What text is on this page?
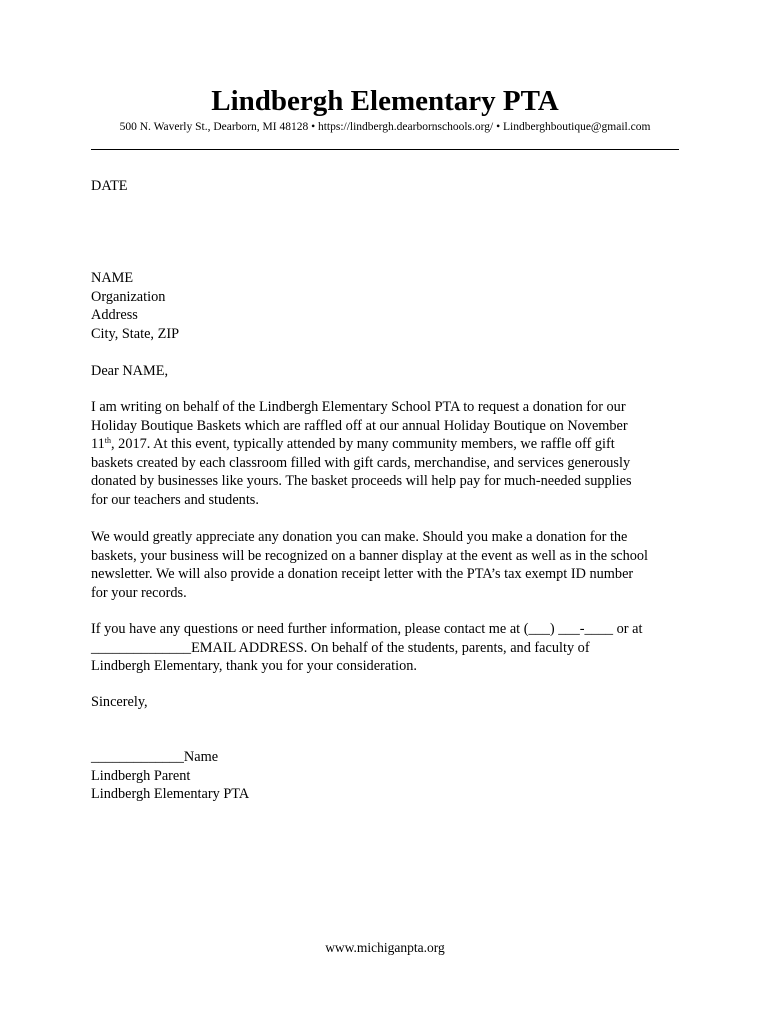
Lindbergh Elementary PTA
500 N. Waverly St., Dearborn, MI 48128 • https://lindbergh.dearbornschools.org/ • Lindberghboutique@gmail.com
DATE
NAME
Organization
Address
City, State, ZIP
Dear NAME,
I am writing on behalf of the Lindbergh Elementary School PTA to request a donation for our
Holiday Boutique Baskets which are raffled off at our annual Holiday Boutique on November
11th, 2017. At this event, typically attended by many community members, we raffle off gift
baskets created by each classroom filled with gift cards, merchandise, and services generously
donated by businesses like yours. The basket proceeds will help pay for much-needed supplies
for our teachers and students.
We would greatly appreciate any donation you can make. Should you make a donation for the
baskets, your business will be recognized on a banner display at the event as well as in the school
newsletter. We will also provide a donation receipt letter with the PTA’s tax exempt ID number
for your records.
If you have any questions or need further information, please contact me at (___) ___-____ or at
______________EMAIL ADDRESS. On behalf of the students, parents, and faculty of
Lindbergh Elementary, thank you for your consideration.
Sincerely,
_____________Name
Lindbergh Parent
Lindbergh Elementary PTA
www.michiganpta.org
